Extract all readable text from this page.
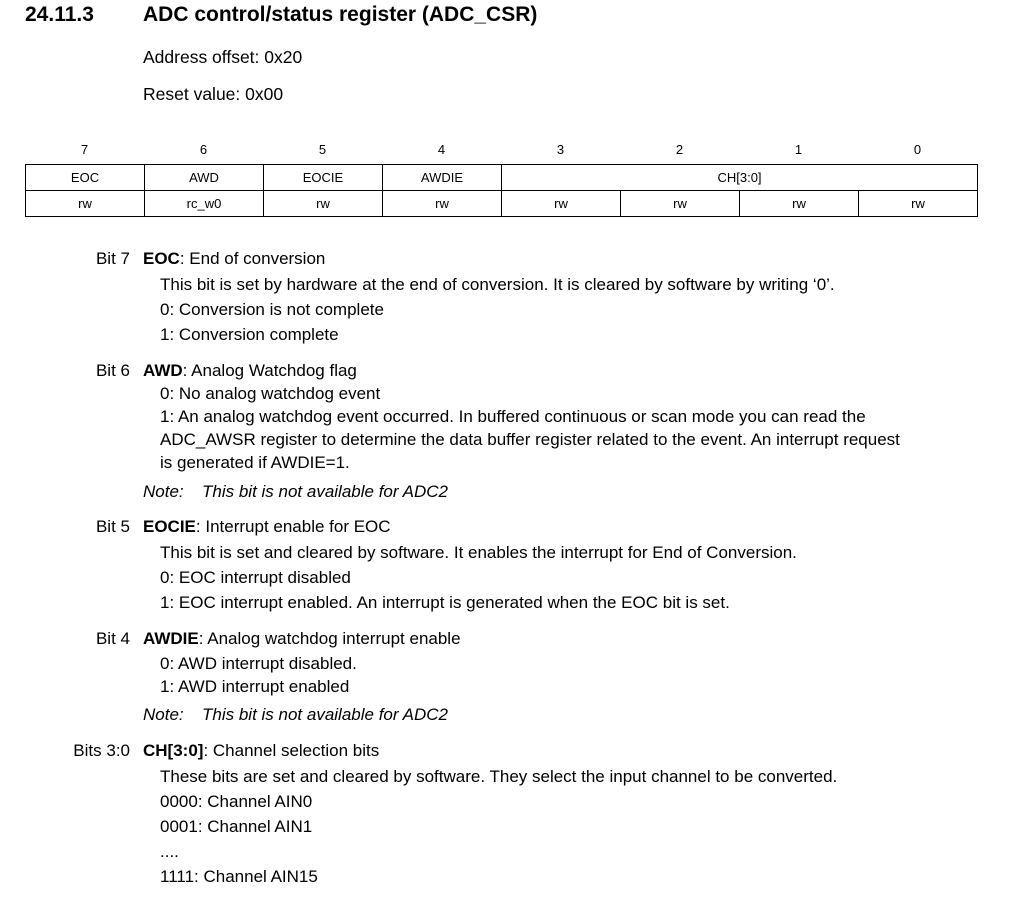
24.11.3 ADC control/status register (ADC_CSR)
Address offset: 0x20
Reset value: 0x00
7	6	5	4	3	2	1	0
EOC	AWD	EOCIE	AWDIE	CH[3:0]			
rw	rc_w0	rw	rw	rw	rw	rw	rw
Bit 7 EOC: End of conversion
This bit is set by hardware at the end of conversion. It is cleared by software by writing ‘0’.
0: Conversion is not complete
1: Conversion complete
Bit 6 AWD: Analog Watchdog flag
0: No analog watchdog event
1: An analog watchdog event occurred. In buffered continuous or scan mode you can read the
ADC_AWSR register to determine the data buffer register related to the event. An interrupt request
is generated if AWDIE=1.
Note: This bit is not available for ADC2
Bit 5 EOCIE: Interrupt enable for EOC
This bit is set and cleared by software. It enables the interrupt for End of Conversion.
0: EOC interrupt disabled
1: EOC interrupt enabled. An interrupt is generated when the EOC bit is set.
Bit 4 AWDIE: Analog watchdog interrupt enable
0: AWD interrupt disabled.
1: AWD interrupt enabled
Note: This bit is not available for ADC2
Bits 3:0 CH[3:0]: Channel selection bits
These bits are set and cleared by software. They select the input channel to be converted.
0000: Channel AIN0
0001: Channel AIN1
....
1111: Channel AIN15
